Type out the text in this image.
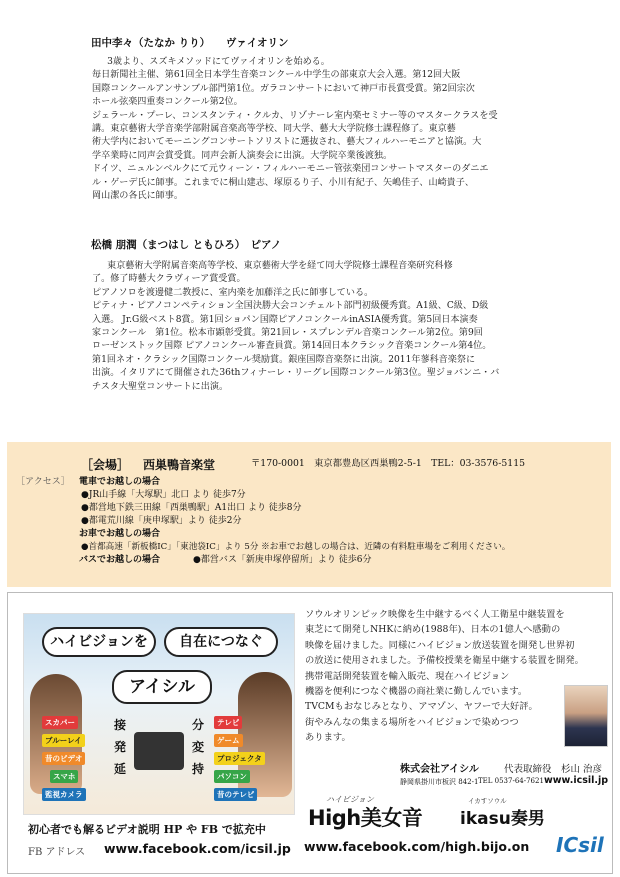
田中李々（たなか りり）　　ヴァイオリン

　3歳より、スズキメソッドにてヴァイオリンを始める。

毎日新聞社主催、第61回全日本学生音楽コンクール中学生の部東京大会入選。第12回大阪

国際コンクールアンサンブル部門第1位。ガラコンサートにおいて神戸市長賞受賞。第2回宗次

ホール弦楽四重奏コンクール第2位。

ジェラール・プーレ、コンスタンティ・クルカ、リゾナーレ室内楽セミナー等のマスタークラスを受

講。東京藝術大学音楽学部附属音楽高等学校、同大学、藝大大学院修士課程修了。東京藝

術大学内においてモーニングコンサートソリストに選抜され、藝大フィルハーモニアと協演。大

学卒業時に同声会賞受賞。同声会新人演奏会に出演。大学院卒業後渡独。

ドイツ、ニュルンベルクにて元ウィーン・フィルハーモニー管弦楽団コンサートマスターのダニエ

ル・ゲーデ氏に師事。これまでに桐山建志、塚原るり子、小川有紀子、矢嶋佳子、山崎貴子、

岡山潔の各氏に師事。

松橋 朋潤（まつはし ともひろ）　ピアノ

　東京藝術大学附属音楽高等学校、東京藝術大学を経て同大学院修士課程音楽研究科修

了。修了時藝大クラヴィーア賞受賞。

ピアノソロを渡邊健二教授に、室内楽を加藤洋之氏に師事している。

ピティナ・ピアノコンペティション全国決勝大会コンチェルト部門初級優秀賞。A1級、C級、D級

入選。 Jr.G級ベスト8賞。第1回ショパン国際ピアノコンクールinASIA優秀賞。第5回日本演奏

家コンクール　第1位。松本市顕彰受賞。第21回レ・スプレンデル音楽コンクール第2位。第9回

ローゼンストック国際 ピアノコンクール審査員賞。第14回日本クラシック音楽コンクール第4位。

第1回ネオ・クラシック国際コンクール奨励賞。銀座国際音楽祭に出演。2011年蓼科音楽祭に

出演。イタリアにて開催された36thフィナーレ・リーグレ国際コンクール第3位。聖ジョバンニ・バ

チスタ大聖堂コンサートに出演。

［会場］ 西巣鴨音楽堂	〒170-0001　東京都豊島区西巣鴨2-5-1　TEL：03-3576-5115
［アクセス］ 電車でお越しの場合
●JR山手線「大塚駅」北口 より 徒歩7分
●都営地下鉄三田線「西巣鴨駅」A1出口 より 徒歩8分
●都電荒川線「庚申塚駅」より 徒歩2分
お車でお越しの場合
●首都高速「新板橋IC」「東池袋IC」より 5分 ※お車でお越しの場合は、近隣の有料駐車場をご利用ください。
バスでお越しの場合	●都営バス「新庚申塚停留所」より 徒歩6分
ハイビジョンを	自在につなぐ
アイシル
接
発
延
分
変
持
スカパー
ブルーレイ
昔のビデオ
スマホ
監視カメラ
テレビ
ゲーム
プロジェクタ
パソコン
昔のテレビ
初心者でも解るビデオ説明 HP や FB で拡充中
FB アドレス www.facebook.com/icsil.jp
ソウルオリンピック映像を生中継するべく人工衛星中継装置を
東芝にて開発しNHKに納め(1988年)、日本の1億人へ感動の
映像を届けました。同様にハイビジョン放送装置を開発し世界初
の放送に使用されました。予備校授業を衛星中継する装置を開発。
携帯電話開発装置を輸入販売、現在ハイビジョン
機器を便利につなぐ機器の商社業に勤しんでいます。
TVCMもおなじみとなり、アマゾン、ヤフーで大好評。
街やみんなの集まる場所をハイビジョンで染めつつ
あります。
株式会社アイシル	代表取締役　杉山 治彦
静岡県掛川市板沢 842-1 TEL 0537-64-7621 www.icsil.jp
ハイビジョン
High美女音
イカすソウル
ikasu奏男
www.facebook.com/high.bijo.on ICsil
